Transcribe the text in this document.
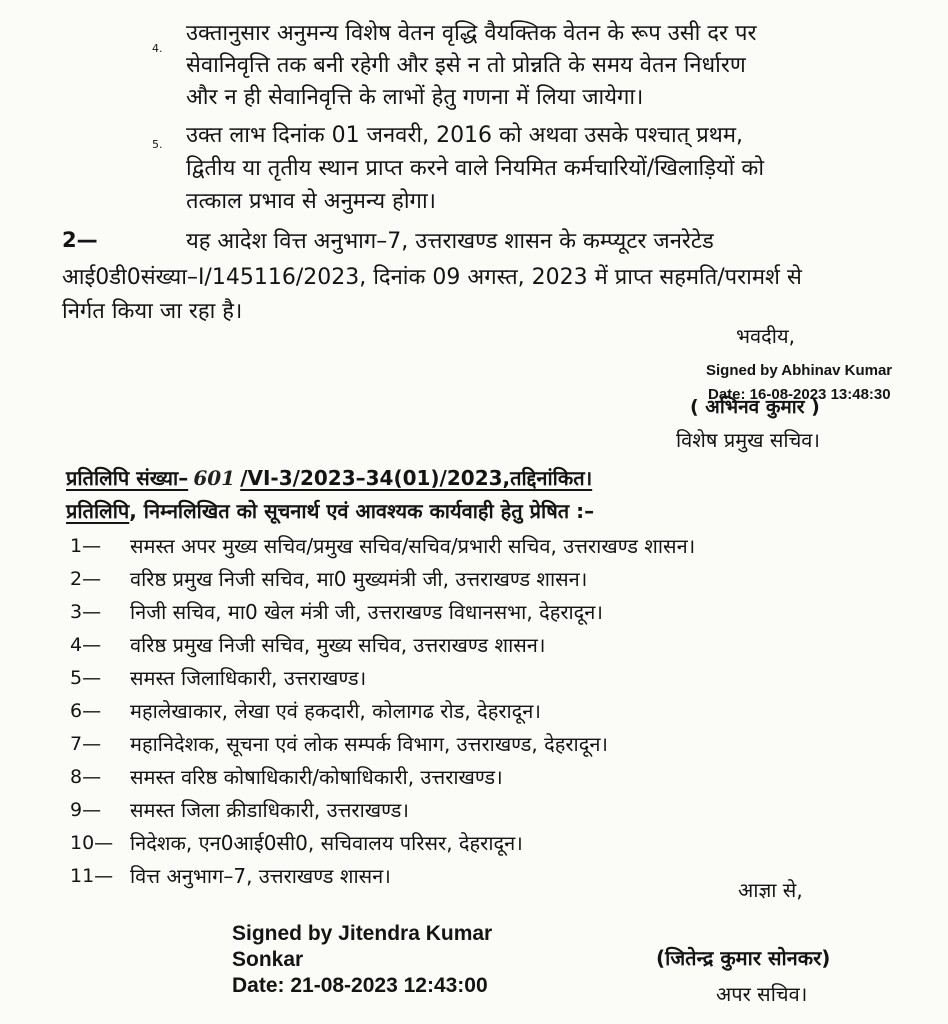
4.
उक्तानुसार अनुमन्य विशेष वेतन वृद्धि वैयक्तिक वेतन के रूप उसी दर पर
सेवानिवृत्ति तक बनी रहेगी और इसे न तो प्रोन्नति के समय वेतन निर्धारण
और न ही सेवानिवृत्ति के लाभों हेतु गणना में लिया जायेगा।
5. उक्त लाभ दिनांक 01 जनवरी, 2016 को अथवा उसके पश्चात् प्रथम,
द्वितीय या तृतीय स्थान प्राप्त करने वाले नियमित कर्मचारियों/खिलाड़ियों को
तत्काल प्रभाव से अनुमन्य होगा।
2—	यह आदेश वित्त अनुभाग–7, उत्तराखण्ड शासन के कम्प्यूटर जनरेटेड
आई0डी0संख्या–I/145116/2023, दिनांक 09 अगस्त, 2023 में प्राप्त सहमति/परामर्श से
निर्गत किया जा रहा है।
भवदीय,
Signed by Abhinav Kumar
( अभिनव कुमार )
Date: 16-08-2023 13:48:30
विशेष प्रमुख सचिव।
प्रतिलिपि संख्या– 601 /VI-3/2023–34(01)/2023,तद्दिनांकित।
प्रतिलिपि, निम्नलिखित को सूचनार्थ एवं आवश्यक कार्यवाही हेतु प्रेषित :–
1— समस्त अपर मुख्य सचिव/प्रमुख सचिव/सचिव/प्रभारी सचिव, उत्तराखण्ड शासन।
2— वरिष्ठ प्रमुख निजी सचिव, मा0 मुख्यमंत्री जी, उत्तराखण्ड शासन।
3— निजी सचिव, मा0 खेल मंत्री जी, उत्तराखण्ड विधानसभा, देहरादून।
4— वरिष्ठ प्रमुख निजी सचिव, मुख्य सचिव, उत्तराखण्ड शासन।
5— समस्त जिलाधिकारी, उत्तराखण्ड।
6— महालेखाकार, लेखा एवं हकदारी, कोलागढ रोड, देहरादून।
7— महानिदेशक, सूचना एवं लोक सम्पर्क विभाग, उत्तराखण्ड, देहरादून।
8— समस्त वरिष्ठ कोषाधिकारी/कोषाधिकारी, उत्तराखण्ड।
9— समस्त जिला क्रीडाधिकारी, उत्तराखण्ड।
10— निदेशक, एन0आई0सी0, सचिवालय परिसर, देहरादून।
11— वित्त अनुभाग–7, उत्तराखण्ड शासन।
आज्ञा से,
Signed by Jitendra Kumar
Sonkar
Date: 21-08-2023 12:43:00
(जितेन्द्र कुमार सोनकर)
अपर सचिव।
